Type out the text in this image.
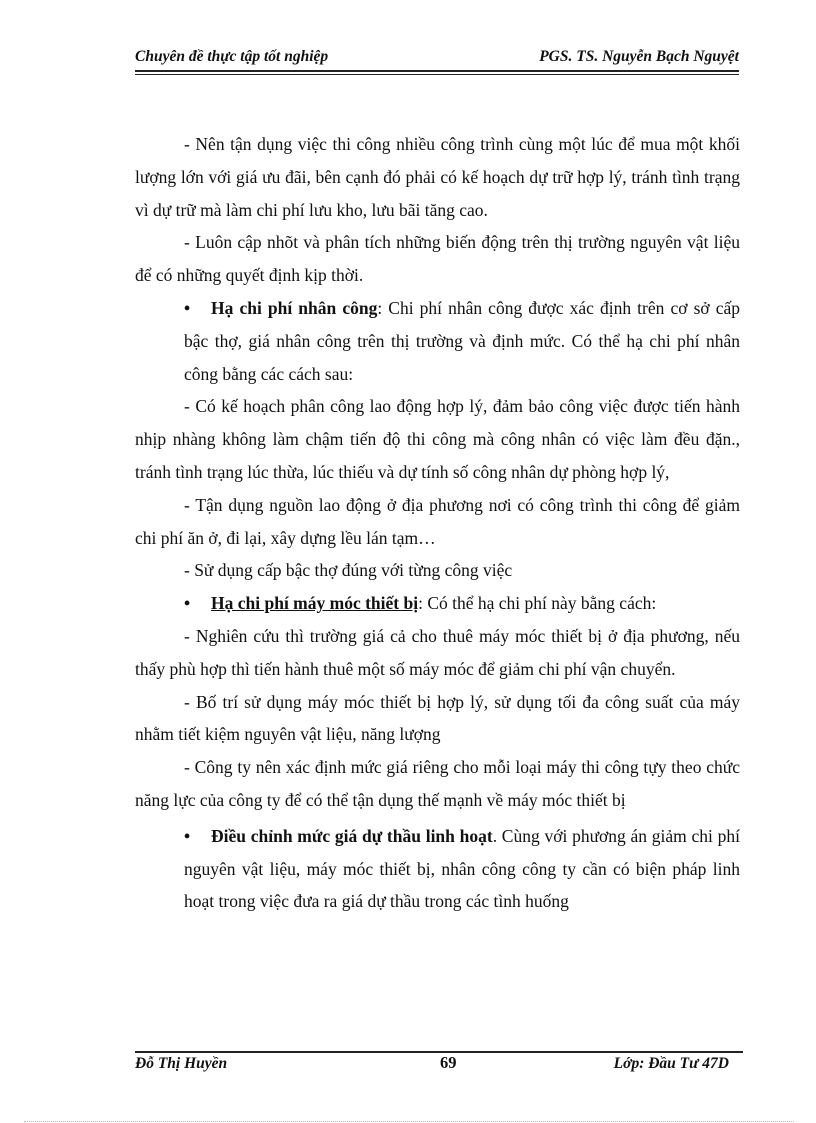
Chuyên đề thực tập tốt nghiệp	PGS. TS. Nguyễn Bạch Nguyệt

- Nên tận dụng việc thi công nhiều công trình cùng một lúc để mua một khối lượng lớn với giá ưu đãi, bên cạnh đó phải có kế hoạch dự trữ hợp lý, tránh tình trạng vì dự trữ mà làm chi phí lưu kho, lưu bãi tăng cao.

- Luôn cập nhõt và phân tích những biến động trên thị trường nguyên vật liệu để có những quyết định kịp thời.

• Hạ chi phí nhân công: Chi phí nhân công được xác định trên cơ sở cấp bậc thợ, giá nhân công trên thị trường và định mức. Có thể hạ chi phí nhân công bằng các cách sau:

- Có kế hoạch phân công lao động hợp lý, đảm bảo công việc được tiến hành nhịp nhàng không làm chậm tiến độ thi công mà công nhân có việc làm đều đặn., tránh tình trạng lúc thừa, lúc thiếu và dự tính số công nhân dự phòng hợp lý,

- Tận dụng nguồn lao động ở địa phương nơi có công trình thi công để giảm chi phí ăn ở, đi lại, xây dựng lều lán tạm…

- Sử dụng cấp bậc thợ đúng với từng công việc

• Hạ chi phí máy móc thiết bị: Có thể hạ chi phí này bằng cách:

- Nghiên cứu thì trường giá cả cho thuê máy móc thiết bị ở địa phương, nếu thấy phù hợp thì tiến hành thuê một số máy móc để giảm chi phí vận chuyển.

- Bố trí sử dụng máy móc thiết bị hợp lý, sử dụng tối đa công suất của máy nhằm tiết kiệm nguyên vật liệu, năng lượng

- Công ty nên xác định mức giá riêng cho mỗi loại máy thi công tựy theo chức năng lực của công ty để có thể tận dụng thế mạnh về máy móc thiết bị

• Điều chỉnh mức giá dự thầu linh hoạt. Cùng với phương án giảm chi phí nguyên vật liệu, máy móc thiết bị, nhân công công ty cần có biện pháp linh hoạt trong việc đưa ra giá dự thầu trong các tình huống

Đỗ Thị Huyền	69	Lớp: Đầu Tư 47D
